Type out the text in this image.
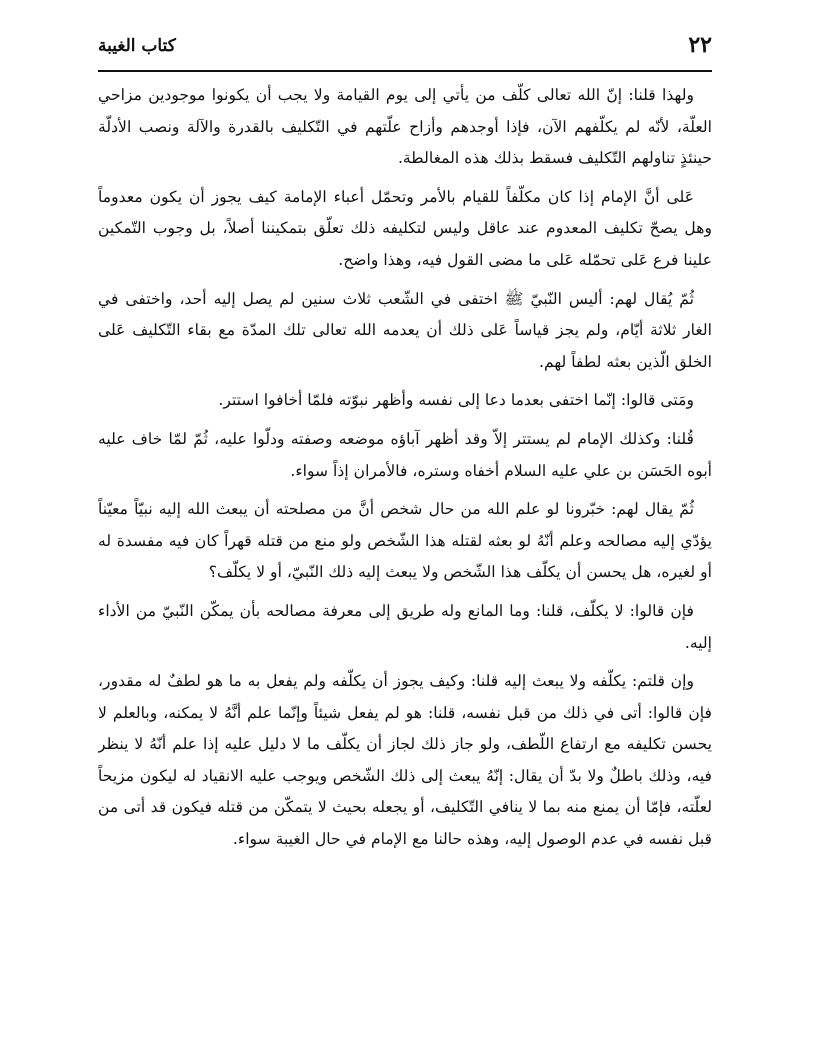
٢٢
كتاب الغيبة

ولهذا قلنا: إنّ الله تعالى كلّف من يأتي إلى يوم القيامة ولا يجب أن يكونوا موجودين مزاحي العلّة، لأنّه لم يكلّفهم الآن، فإذا أوجدهم وأزاح علّتهم في التّكليف بالقدرة والآلة ونصب الأدلّة حينئذٍ تناولهم التّكليف فسقط بذلك هذه المغالطة.

عَلى أنَّ الإمام إذا كان مكلّفاً للقيام بالأمر وتحمّل أعباء الإمامة كيف يجوز أن يكون معدوماً وهل يصحّ تكليف المعدوم عند عاقل وليس لتكليفه ذلك تعلّق بتمكيننا أصلاً، بل وجوب التّمكين علينا فرع عَلى تحمّله عَلى ما مضى القول فيه، وهذا واضح.

ثُمّ يُقال لهم: أليس النّبيّ ﷺ اختفى في الشّعب ثلاث سنين لم يصل إليه أحد، واختفى في الغار ثلاثة أيّام، ولم يجز قياساً عَلى ذلك أن يعدمه الله تعالى تلك المدّة مع بقاء التّكليف عَلى الخلق الّذين بعثه لطفاً لهم.

ومَتى قالوا: إنّما اختفى بعدما دعا إلى نفسه وأظهر نبوّته فلمّا أخافوا استتر.

قُلنا: وكذلك الإمام لم يستتر إلاّ وقد أظهر آباؤه موضعه وصفته ودلّوا عليه، ثُمّ لمّا خاف عليه أبوه الحَسَن بن علي عليه السلام أخفاه وستره، فالأمران إذاً سواء.

ثُمّ يقال لهم: خبّرونا لو علم الله من حال شخص أنَّ من مصلحته أن يبعث الله إليه نبيّاً معيّناً يؤدّي إليه مصالحه وعلم أنّهُ لو بعثه لقتله هذا الشّخص ولو منع من قتله قهراً كان فيه مفسدة له أو لغيره، هل يحسن أن يكلّف هذا الشّخص ولا يبعث إليه ذلك النّبيّ، أو لا يكلّف؟

فإن قالوا: لا يكلّف، قلنا: وما المانع وله طريق إلى معرفة مصالحه بأن يمكّن النّبيّ من الأداء إليه.

وإن قلتم: يكلّفه ولا يبعث إليه قلنا: وكيف يجوز أن يكلّفه ولم يفعل به ما هو لطفٌ له مقدور، فإن قالوا: أتى في ذلك من قبل نفسه، قلنا: هو لم يفعل شيئاً وإنّما علم أنَّهُ لا يمكنه، وبالعلم لا يحسن تكليفه مع ارتفاع اللّطف، ولو جاز ذلك لجاز أن يكلّف ما لا دليل عليه إذا علم أنّهُ لا ينظر فيه، وذلك باطلٌ ولا بدّ أن يقال: إنّهُ يبعث إلى ذلك الشّخص ويوجب عليه الانقياد له ليكون مزيحاً لعلّته، فإمّا أن يمنع منه بما لا ينافي التّكليف، أو يجعله بحيث لا يتمكّن من قتله فيكون قد أتى من قبل نفسه في عدم الوصول إليه، وهذه حالنا مع الإمام في حال الغيبة سواء.
